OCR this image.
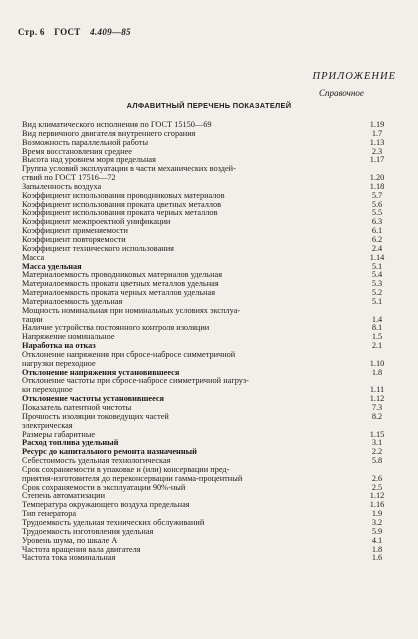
Стр. 6 ГОСТ 4.409—85
ПРИЛОЖЕНИЕ
Справочное
АЛФАВИТНЫЙ ПЕРЕЧЕНЬ ПОКАЗАТЕЛЕЙ
Вид климатического исполнения по ГОСТ 15150—69	1.19
Вид первичного двигателя внутреннего сгорания	1.7
Возможность параллельной работы	1.13
Время восстановления среднее	2.3
Высота над уровнем моря предельная	1.17
Группа условий эксплуатации в части механических воздей-
ствий по ГОСТ 17516—72	1.20
Запыленность воздуха	1.18
Коэффициент использования проводниковых материалов	5.7
Коэффициент использования проката цветных металлов	5.6
Коэффициент использования проката черных металлов	5.5
Коэффициент межпроектной унификации	6.3
Коэффициент применяемости	6.1
Коэффициент повторяемости	6.2
Коэффициент технического использования	2.4
Масса	1.14
Масса удельная	5.1
Материалоемкость проводниковых материалов удельная	5.4
Материалоемкость проката цветных металлов удельная	5.3
Материалоемкость проката черных металлов удельная	5.2
Материалоемкость удельная	5.1
Мощность номинальная при номинальных условиях эксплуа-
тации	1.4
Наличие устройства постоянного контроля изоляции	8.1
Напряжение номинальное	1.5
Наработка на отказ	2.1
Отклонение напряжения при сбросе-набросе симметричной
нагрузки переходное	1.10
Отклонение напряжения установившееся	1.8
Отклонение частоты при сбросе-набросе симметричной нагруз-
ки переходное	1.11
Отклонение частоты установившееся	1.12
Показатель патентной чистоты	7.3
Прочность изоляции токоведущих частей	8.2
электрическая
Размеры габаритные	1.15
Расход топлива удельный	3.1
Ресурс до капитального ремонта назначенный	2.2
Себестоимость удельная технологическая	5.8
Срок сохраняемости в упаковке и (или) консервации пред-
приятия-изготовителя до переконсервации гамма-процентный	2.6
Срок сохраняемости в эксплуатации 90%-ный	2.5
Степень автоматизации	1.12
Температура окружающего воздуха предельная	1.16
Тип генератора	1.9
Трудоемкость удельная технических обслуживаний	3.2
Трудоемкость изготовления удельная	5.9
Уровень шума, по шкале А	4.1
Частота вращения вала двигателя	1.8
Частота тока номинальная	1.6
